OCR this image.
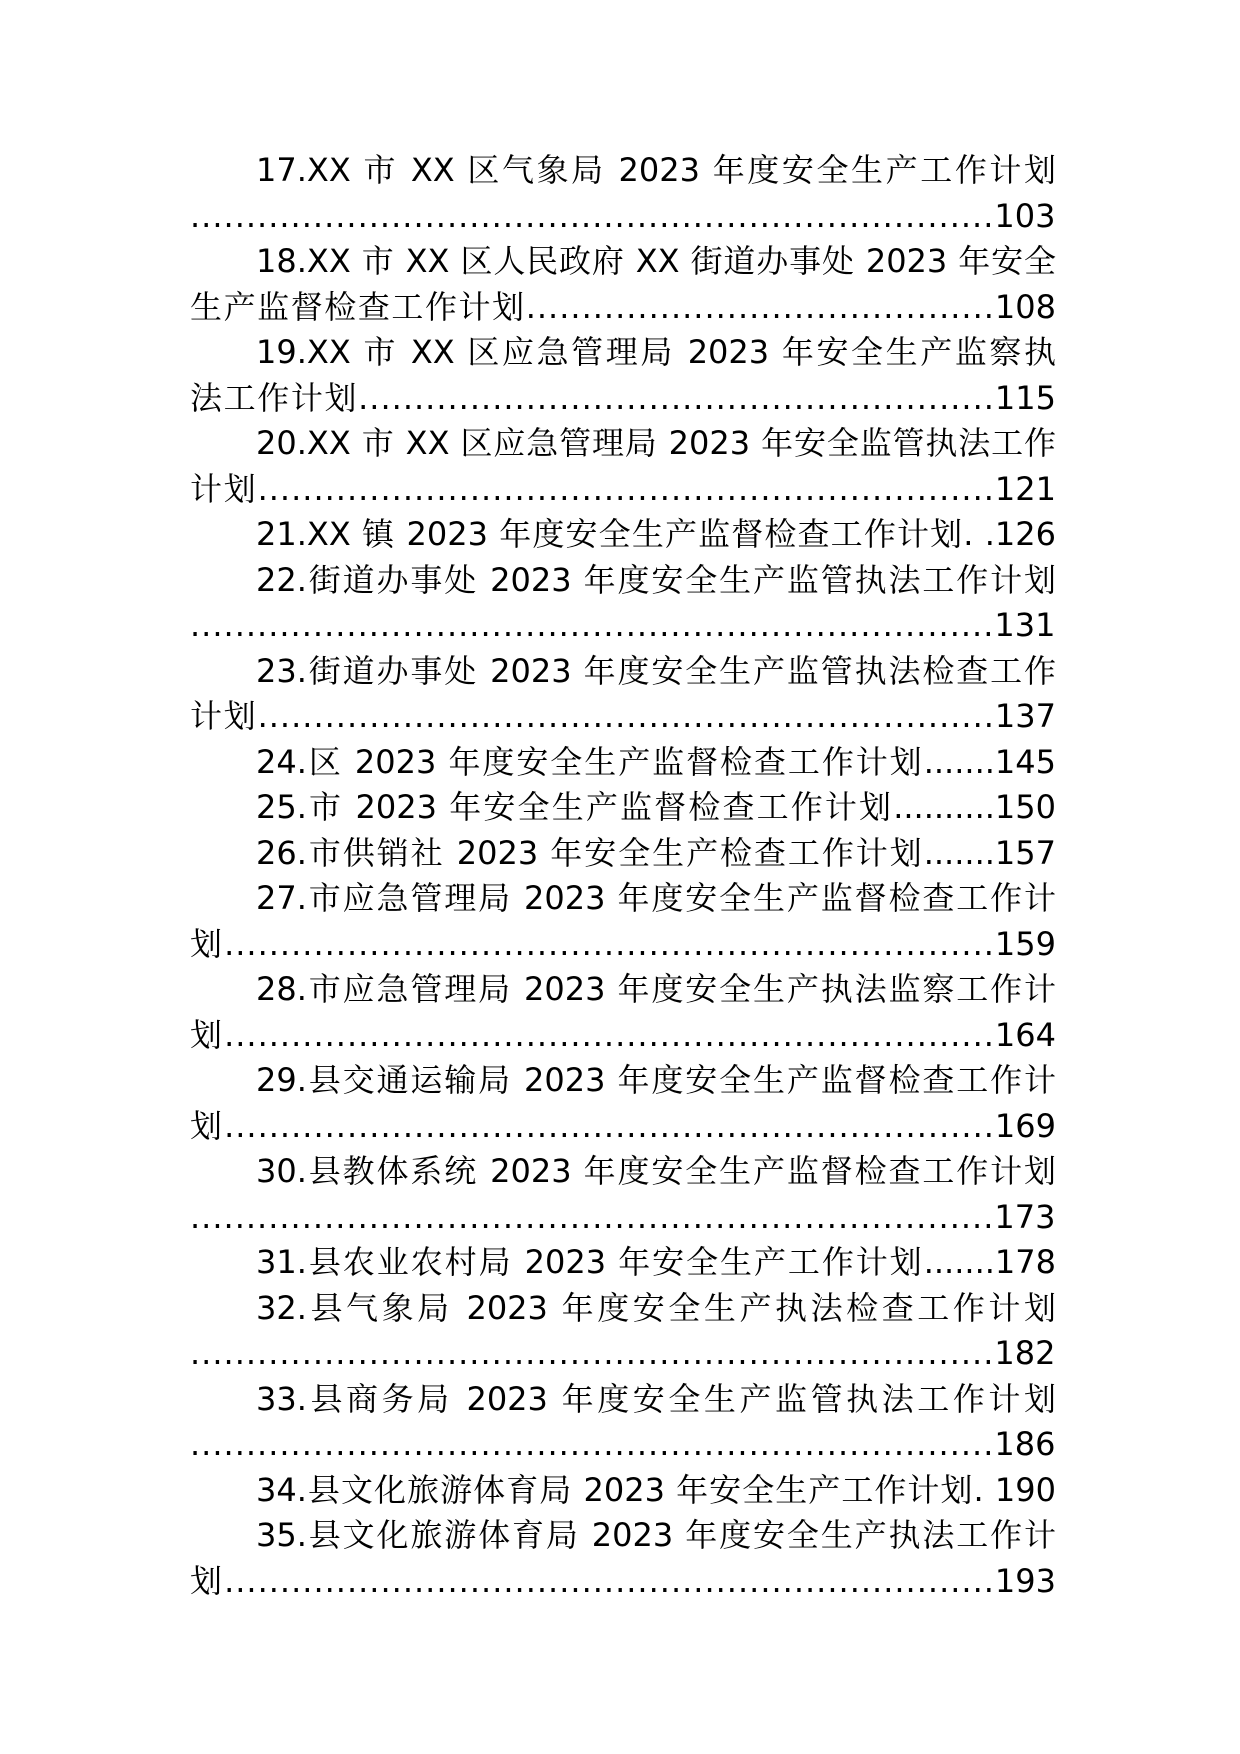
17.XX 市 XX 区气象局 2023 年度安全生产工作计划
........................................................................103
18.XX 市 XX 区人民政府 XX 街道办事处 2023 年安全
生产监督检查工作计划..........................................108
19.XX 市 XX 区应急管理局 2023 年安全生产监察执
法工作计划.........................................................115
20.XX 市 XX 区应急管理局 2023 年安全监管执法工作
计划..................................................................121
21.XX 镇 2023 年度安全生产监督检查工作计划. .126
22.街道办事处 2023 年度安全生产监管执法工作计划
........................................................................131
23.街道办事处 2023 年度安全生产监管执法检查工作
计划..................................................................137
24.区 2023 年度安全生产监督检查工作计划.......145
25.市 2023 年安全生产监督检查工作计划..........150
26.市供销社 2023 年安全生产检查工作计划.......157
27.市应急管理局 2023 年度安全生产监督检查工作计
划.....................................................................159
28.市应急管理局 2023 年度安全生产执法监察工作计
划.....................................................................164
29.县交通运输局 2023 年度安全生产监督检查工作计
划.....................................................................169
30.县教体系统 2023 年度安全生产监督检查工作计划
........................................................................173
31.县农业农村局 2023 年安全生产工作计划.......178
32.县气象局 2023 年度安全生产执法检查工作计划
........................................................................182
33.县商务局 2023 年度安全生产监管执法工作计划
........................................................................186
34.县文化旅游体育局 2023 年安全生产工作计划. 190
35.县文化旅游体育局 2023 年度安全生产执法工作计
划.....................................................................193
